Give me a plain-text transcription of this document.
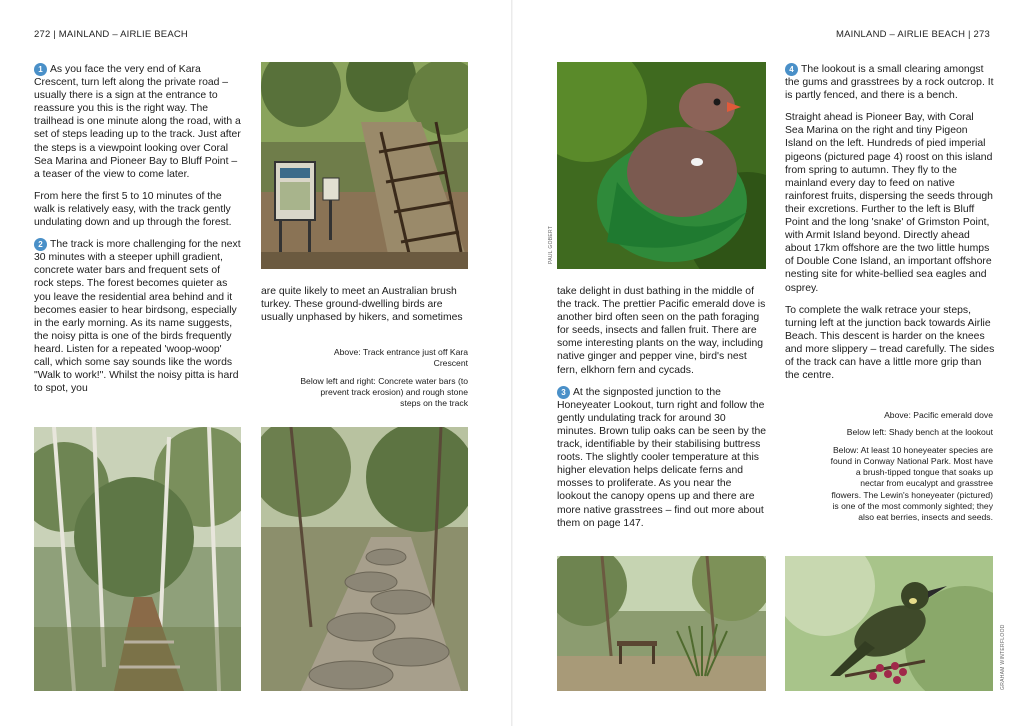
272 | MAINLAND – AIRLIE BEACH	MAINLAND – AIRLIE BEACH | 273

1 As you face the very end of Kara Crescent, turn left along the private road – usually there is a sign at the entrance to reassure you this is the right way. The trailhead is one minute along the road, with a set of steps leading up to the track. Just after the steps is a viewpoint looking over Coral Sea Marina and Pioneer Bay to Bluff Point – a teaser of the view to come later.

From here the first 5 to 10 minutes of the walk is relatively easy, with the track gently undulating down and up through the forest.

2 The track is more challenging for the next 30 minutes with a steeper uphill gradient, concrete water bars and frequent sets of rock steps. The forest becomes quieter as you leave the residential area behind and it becomes easier to hear birdsong, especially in the early morning. As its name suggests, the noisy pitta is one of the birds frequently heard. Listen for a repeated 'woop-woop' call, which some say sounds like the words "Walk to work!". Whilst the noisy pitta is hard to spot, you

are quite likely to meet an Australian brush turkey. These ground-dwelling birds are usually unphased by hikers, and sometimes

Above: Track entrance just off Kara Crescent

Below left and right: Concrete water bars (to prevent track erosion) and rough stone steps on the track

PAUL GOBERT

take delight in dust bathing in the middle of the track. The prettier Pacific emerald dove is another bird often seen on the path foraging for seeds, insects and fallen fruit. There are some interesting plants on the way, including native ginger and pepper vine, bird's nest fern, elkhorn fern and cycads.

3 At the signposted junction to the Honeyeater Lookout, turn right and follow the gently undulating track for around 30 minutes. Brown tulip oaks can be seen by the track, identifiable by their stabilising buttress roots. The slightly cooler temperature at this higher elevation helps delicate ferns and mosses to proliferate. As you near the lookout the canopy opens up and there are more native grasstrees – find out more about them on page 147.

4 The lookout is a small clearing amongst the gums and grasstrees by a rock outcrop. It is partly fenced, and there is a bench.

Straight ahead is Pioneer Bay, with Coral Sea Marina on the right and tiny Pigeon Island on the left. Hundreds of pied imperial pigeons (pictured page 4) roost on this island from spring to autumn. They fly to the mainland every day to feed on native rainforest fruits, dispersing the seeds through their excretions. Further to the left is Bluff Point and the long 'snake' of Grimston Point, with Armit Island beyond. Directly ahead about 17km offshore are the two little humps of Double Cone Island, an important offshore nesting site for white-bellied sea eagles and osprey.

To complete the walk retrace your steps, turning left at the junction back towards Airlie Beach. This descent is harder on the knees and more slippery – tread carefully. The sides of the track can have a little more grip than the centre.

Above: Pacific emerald dove

Below left: Shady bench at the lookout

Below: At least 10 honeyeater species are found in Conway National Park. Most have a brush-tipped tongue that soaks up nectar from eucalypt and grasstree flowers. The Lewin's honeyeater (pictured) is one of the most commonly sighted; they also eat berries, insects and seeds.

GRAHAM WINTERFLOOD
